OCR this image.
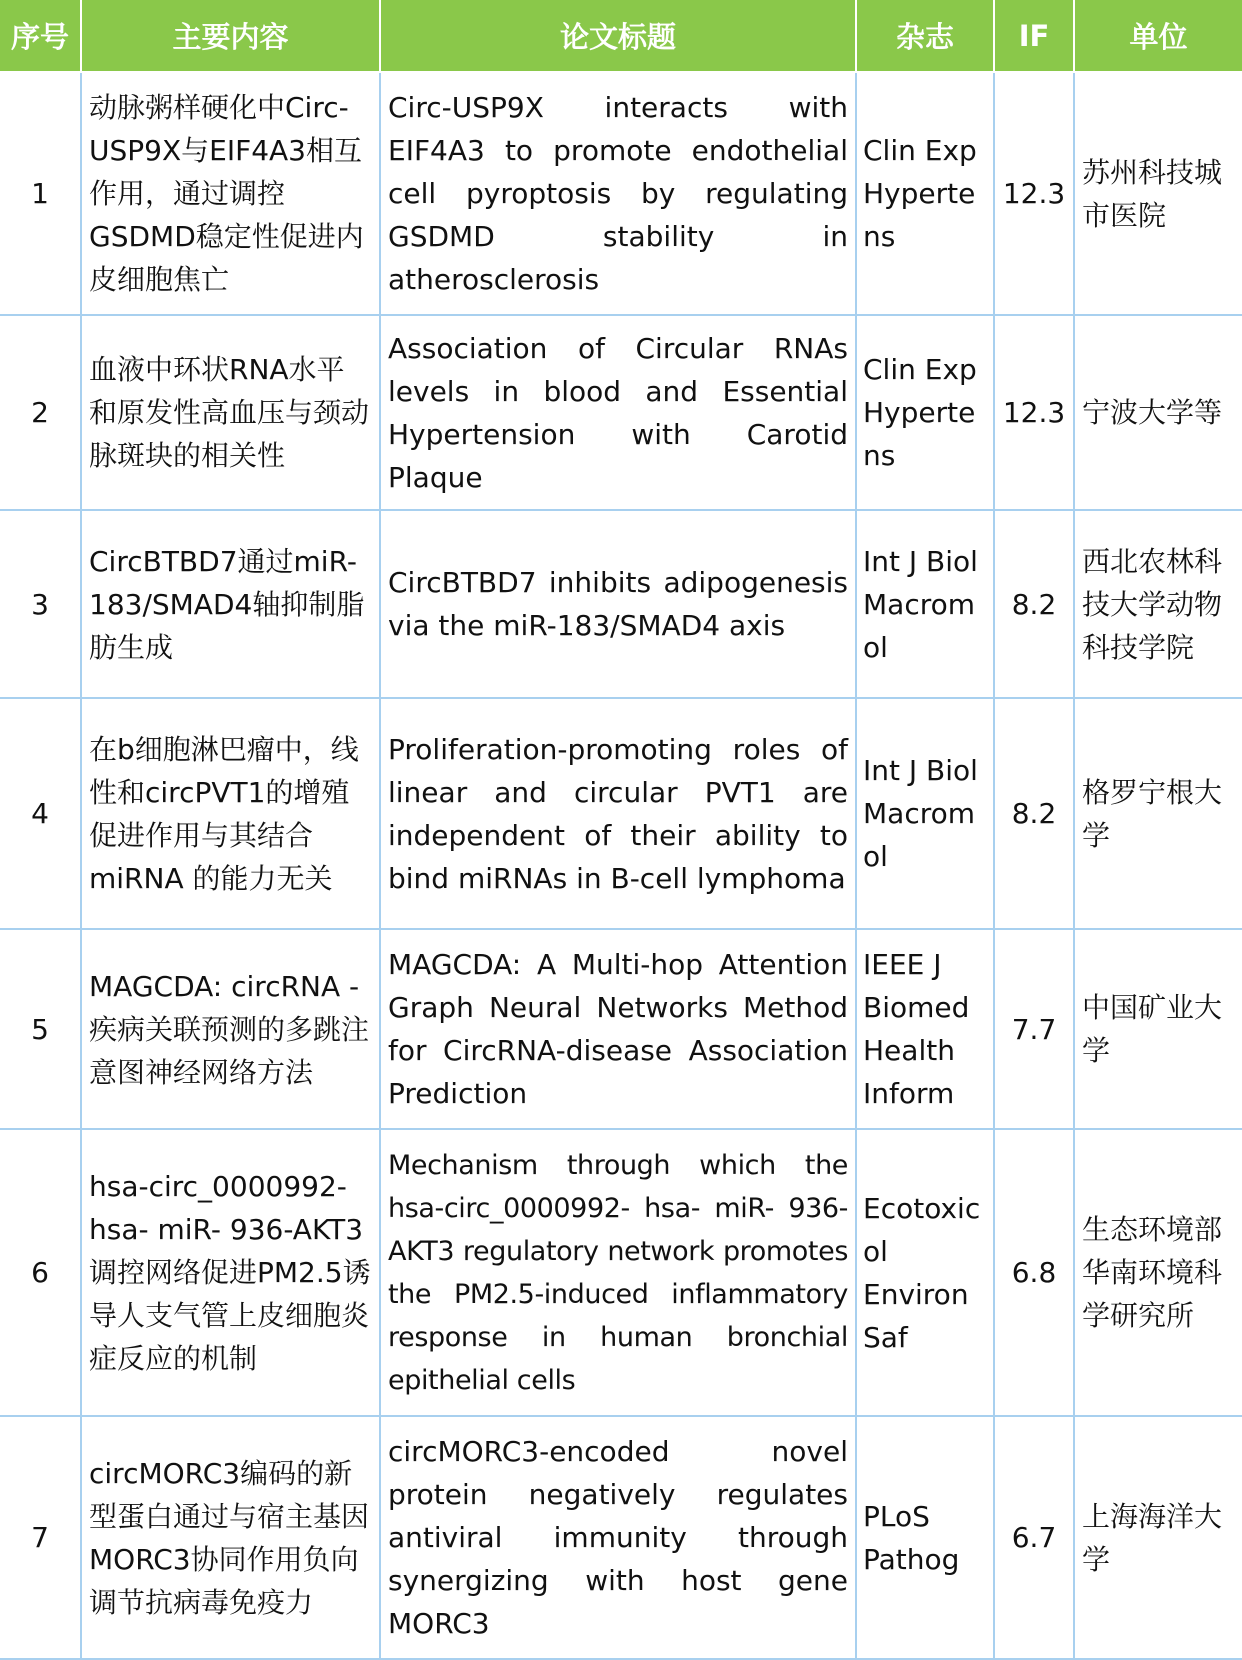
序号	主要内容	论文标题	杂志	IF	单位
1	动脉粥样硬化中Circ-USP9X与EIF4A3相互作用，通过调控GSDMD稳定性促进内皮细胞焦亡	Circ-USP9X interacts with EIF4A3 to promote endothelial cell pyroptosis by regulating GSDMD stability in atherosclerosis	Clin Exp Hypertens	12.3	苏州科技城市医院
2	血液中环状RNA水平和原发性高血压与颈动脉斑块的相关性	Association of Circular RNAs levels in blood and Essential Hypertension with Carotid Plaque	Clin Exp Hypertens	12.3	宁波大学等
3	CircBTBD7通过miR-183/SMAD4轴抑制脂肪生成	CircBTBD7 inhibits adipogenesis via the miR-183/SMAD4 axis	Int J Biol Macromol	8.2	西北农林科技大学动物科技学院
4	在b细胞淋巴瘤中，线性和circPVT1的增殖促进作用与其结合miRNA 的能力无关	Proliferation-promoting roles of linear and circular PVT1 are independent of their ability to bind miRNAs in B-cell lymphoma	Int J Biol Macromol	8.2	格罗宁根大学
5	MAGCDA: circRNA -疾病关联预测的多跳注意图神经网络方法	MAGCDA: A Multi-hop Attention Graph Neural Networks Method for CircRNA-disease Association Prediction	IEEE J Biomed Health Inform	7.7	中国矿业大学
6	hsa-circ_0000992-hsa- miR- 936-AKT3调控网络促进PM2.5诱导人支气管上皮细胞炎症反应的机制	Mechanism through which the hsa-circ_0000992- hsa- miR- 936-AKT3 regulatory network promotes the PM2.5-induced inflammatory response in human bronchial epithelial cells	Ecotoxicol Environ Saf	6.8	生态环境部华南环境科学研究所
7	circMORC3编码的新型蛋白通过与宿主基因MORC3协同作用负向调节抗病毒免疫力	circMORC3-encoded novel protein negatively regulates antiviral immunity through synergizing with host gene MORC3	PLoS Pathog	6.7	上海海洋大学
